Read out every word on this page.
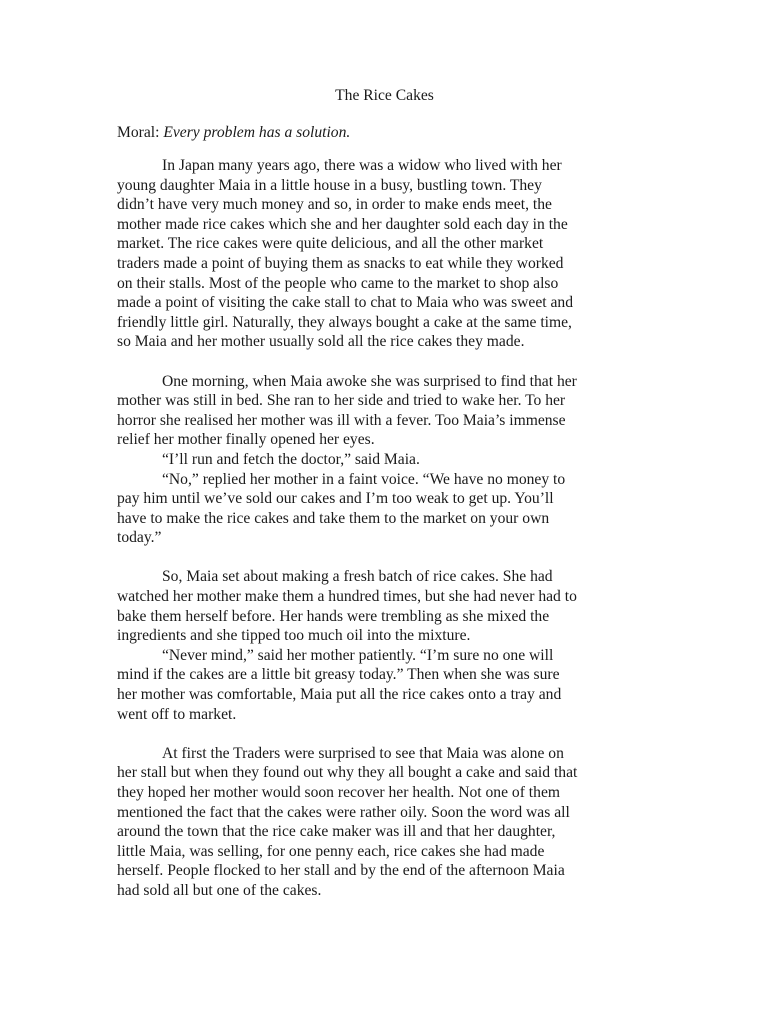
The Rice Cakes
Moral: Every problem has a solution.
In Japan many years ago, there was a widow who lived with her
young daughter Maia in a little house in a busy, bustling town. They
didn’t have very much money and so, in order to make ends meet, the
mother made rice cakes which she and her daughter sold each day in the
market. The rice cakes were quite delicious, and all the other market
traders made a point of buying them as snacks to eat while they worked
on their stalls. Most of the people who came to the market to shop also
made a point of visiting the cake stall to chat to Maia who was sweet and
friendly little girl. Naturally, they always bought a cake at the same time,
so Maia and her mother usually sold all the rice cakes they made.
One morning, when Maia awoke she was surprised to find that her
mother was still in bed. She ran to her side and tried to wake her. To her
horror she realised her mother was ill with a fever. Too Maia’s immense
relief her mother finally opened her eyes.
“I’ll run and fetch the doctor,” said Maia.
“No,” replied her mother in a faint voice. “We have no money to
pay him until we’ve sold our cakes and I’m too weak to get up. You’ll
have to make the rice cakes and take them to the market on your own
today.”
So, Maia set about making a fresh batch of rice cakes. She had
watched her mother make them a hundred times, but she had never had to
bake them herself before. Her hands were trembling as she mixed the
ingredients and she tipped too much oil into the mixture.
“Never mind,” said her mother patiently. “I’m sure no one will
mind if the cakes are a little bit greasy today.” Then when she was sure
her mother was comfortable, Maia put all the rice cakes onto a tray and
went off to market.
At first the Traders were surprised to see that Maia was alone on
her stall but when they found out why they all bought a cake and said that
they hoped her mother would soon recover her health. Not one of them
mentioned the fact that the cakes were rather oily. Soon the word was all
around the town that the rice cake maker was ill and that her daughter,
little Maia, was selling, for one penny each, rice cakes she had made
herself. People flocked to her stall and by the end of the afternoon Maia
had sold all but one of the cakes.
